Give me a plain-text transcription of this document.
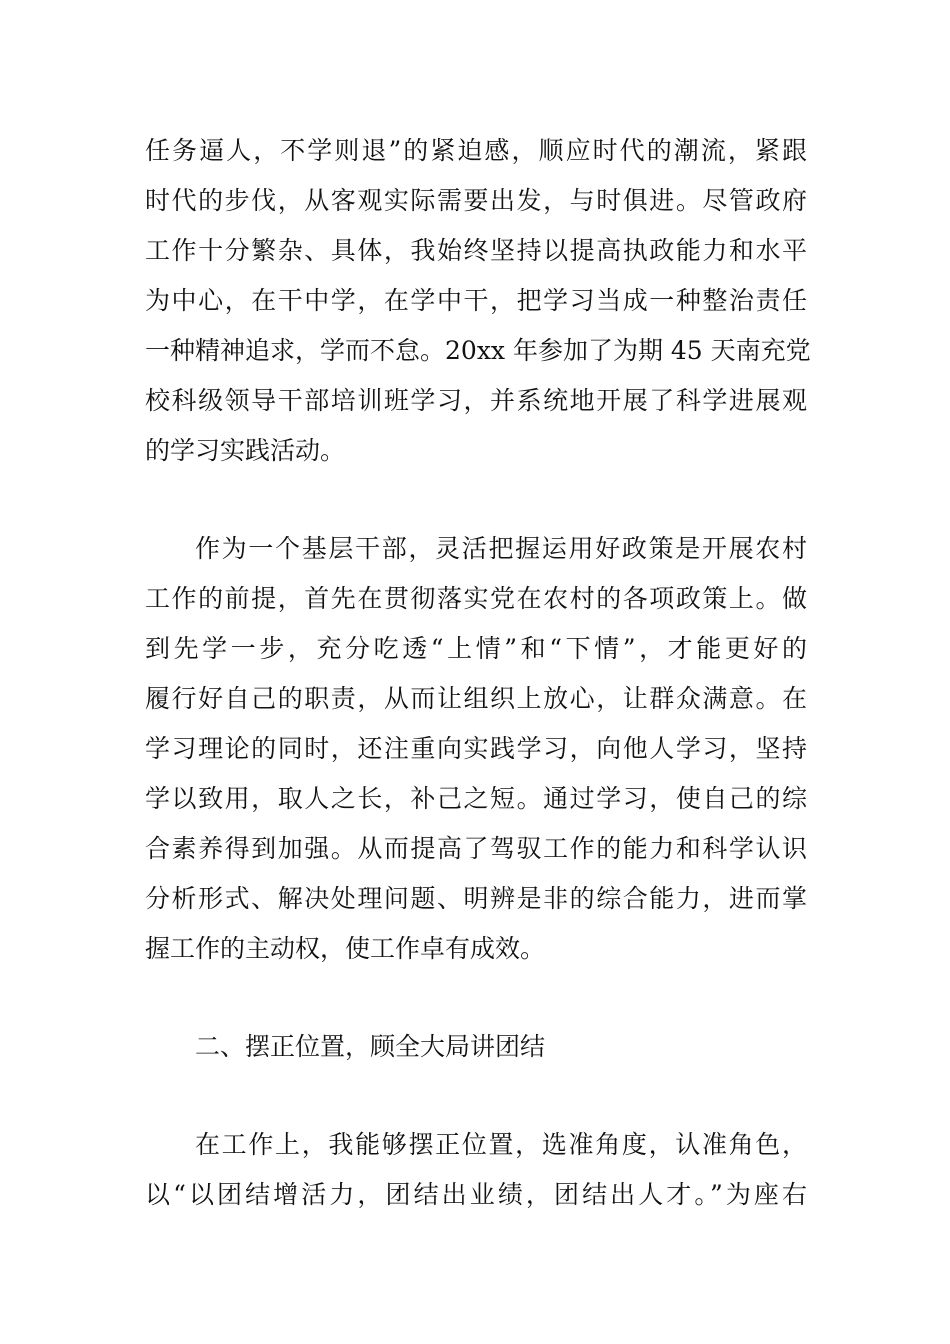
任务逼人，不学则退”的紧迫感，顺应时代的潮流，紧跟
时代的步伐，从客观实际需要出发，与时俱进。尽管政府
工作十分繁杂、具体，我始终坚持以提高执政能力和水平
为中心，在干中学，在学中干，把学习当成一种整治责任
一种精神追求，学而不怠。20xx 年参加了为期 45 天南充党
校科级领导干部培训班学习，并系统地开展了科学进展观
的学习实践活动。
作为一个基层干部，灵活把握运用好政策是开展农村
工作的前提，首先在贯彻落实党在农村的各项政策上。做
到先学一步，充分吃透“上情”和“下情”，才能更好的
履行好自己的职责，从而让组织上放心，让群众满意。在
学习理论的同时，还注重向实践学习，向他人学习，坚持
学以致用，取人之长，补己之短。通过学习，使自己的综
合素养得到加强。从而提高了驾驭工作的能力和科学认识
分析形式、解决处理问题、明辨是非的综合能力，进而掌
握工作的主动权，使工作卓有成效。
二、摆正位置，顾全大局讲团结
在工作上，我能够摆正位置，选准角度，认准角色，
以“以团结增活力，团结出业绩，团结出人才。”为座右
